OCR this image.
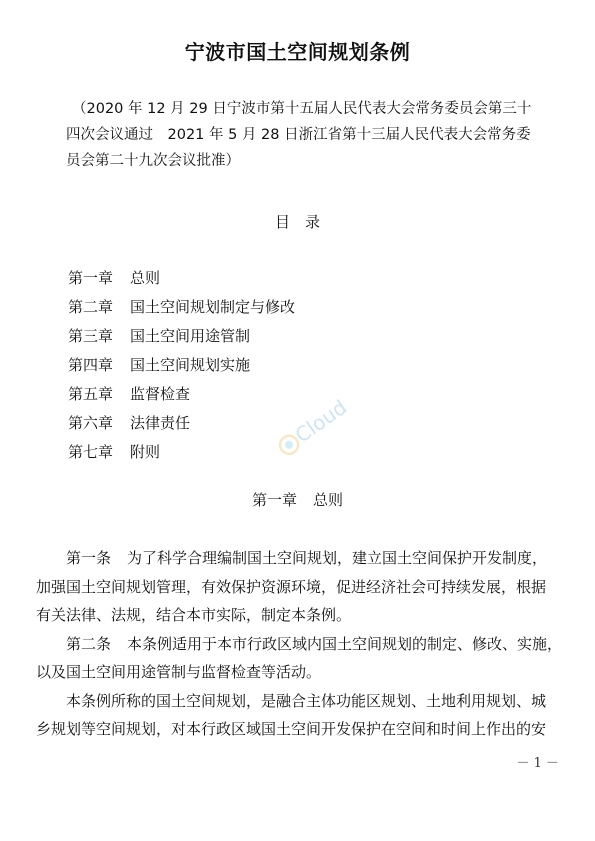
宁波市国土空间规划条例
（2020 年 12 月 29 日宁波市第十五届人民代表大会常务委员会第三十
四次会议通过　2021 年 5 月 28 日浙江省第十三届人民代表大会常务委
员会第二十九次会议批准）
目　录
第一章 总则
第二章 国土空间规划制定与修改
第三章 国土空间用途管制
第四章 国土空间规划实施
第五章 监督检查
第六章 法律责任
第七章 附则
Cloud
第一章 总则
第一条 为了科学合理编制国土空间规划，建立国土空间保护开发制度，
加强国土空间规划管理，有效保护资源环境，促进经济社会可持续发展，根据
有关法律、法规，结合本市实际，制定本条例。
第二条 本条例适用于本市行政区域内国土空间规划的制定、修改、实施，
以及国土空间用途管制与监督检查等活动。
本条例所称的国土空间规划，是融合主体功能区规划、土地利用规划、城
乡规划等空间规划，对本行政区域国土空间开发保护在空间和时间上作出的安
－ 1 －
